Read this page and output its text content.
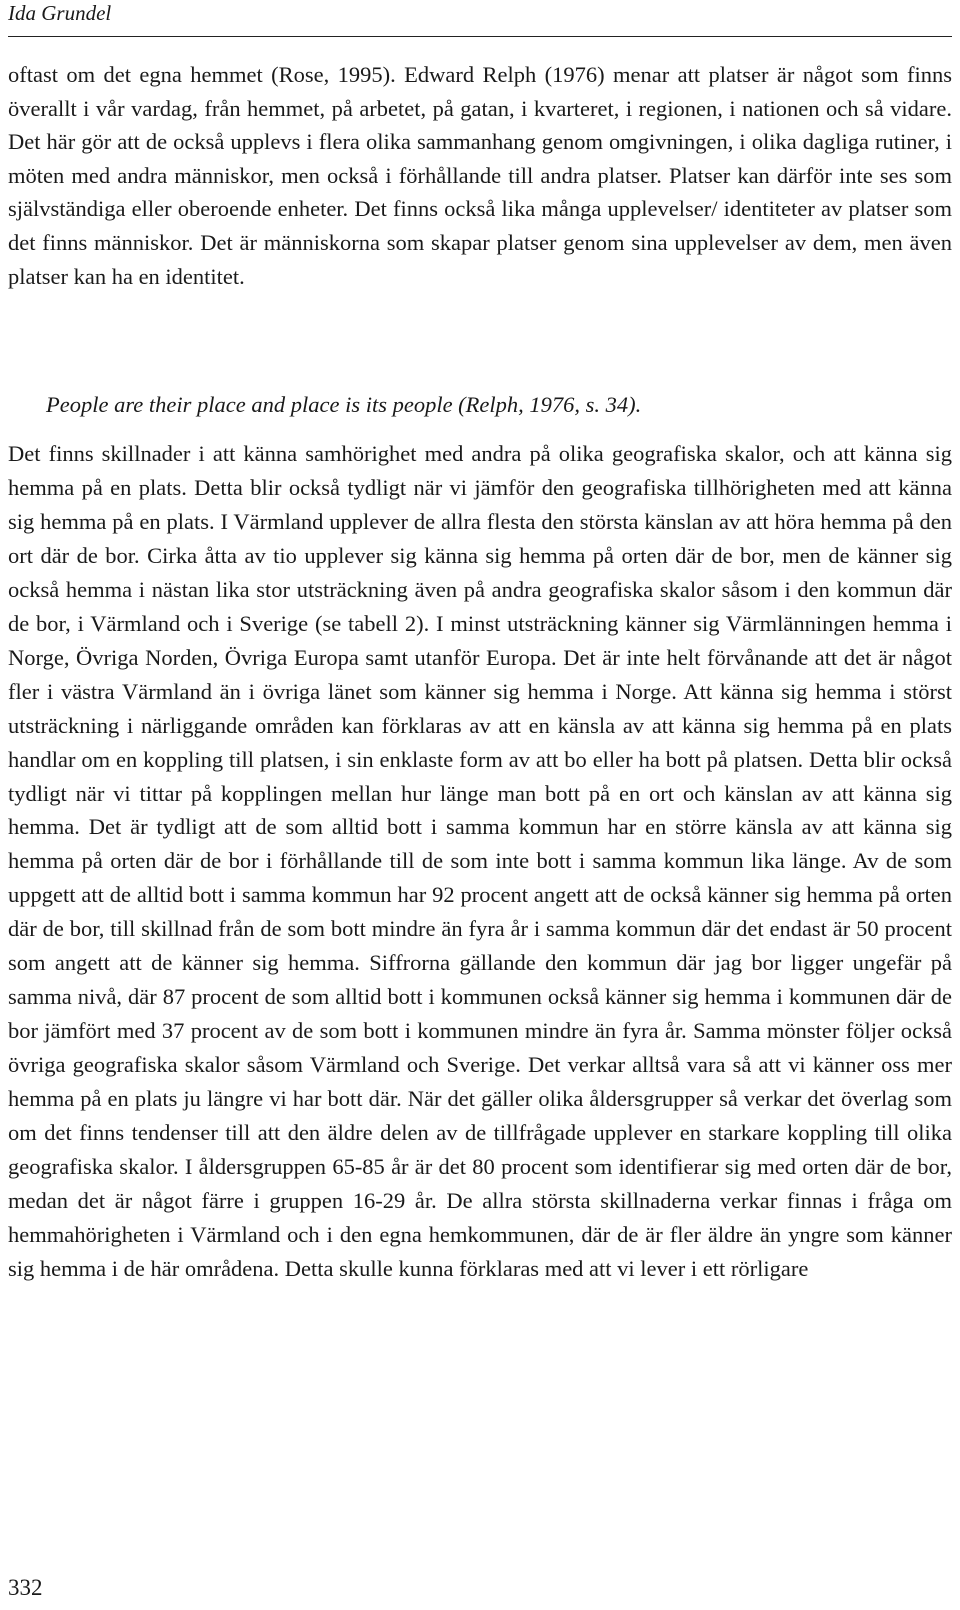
Ida Grundel

oftast om det egna hemmet (Rose, 1995). Edward Relph (1976) menar att platser är något som finns överallt i vår vardag, från hemmet, på arbetet, på gatan, i kvarteret, i regionen, i nationen och så vidare. Det här gör att de också upplevs i flera olika sammanhang genom omgivningen, i olika dagliga rutiner, i möten med andra människor, men också i förhållande till andra platser. Platser kan därför inte ses som självständiga eller oberoende enheter. Det finns också lika många upplevelser/ identiteter av platser som det finns människor. Det är människorna som skapar platser genom sina upplevelser av dem, men även platser kan ha en identitet.

People are their place and place is its people (Relph, 1976, s. 34).

Det finns skillnader i att känna samhörighet med andra på olika geografiska skalor, och att känna sig hemma på en plats. Detta blir också tydligt när vi jämför den geografiska tillhörigheten med att känna sig hemma på en plats. I Värmland upplever de allra flesta den största känslan av att höra hemma på den ort där de bor. Cirka åtta av tio upplever sig känna sig hemma på orten där de bor, men de känner sig också hemma i nästan lika stor utsträckning även på andra geografiska skalor såsom i den kommun där de bor, i Värmland och i Sverige (se tabell 2). I minst utsträckning känner sig Värmlänningen hemma i Norge, Övriga Norden, Övriga Europa samt utanför Europa. Det är inte helt förvånande att det är något fler i västra Värmland än i övriga länet som känner sig hemma i Norge. Att känna sig hemma i störst utsträckning i närliggande områden kan förklaras av att en känsla av att känna sig hemma på en plats handlar om en koppling till platsen, i sin enklaste form av att bo eller ha bott på platsen. Detta blir också tydligt när vi tittar på kopplingen mellan hur länge man bott på en ort och känslan av att känna sig hemma. Det är tydligt att de som alltid bott i samma kommun har en större känsla av att känna sig hemma på orten där de bor i förhållande till de som inte bott i samma kommun lika länge. Av de som uppgett att de alltid bott i samma kommun har 92 procent angett att de också känner sig hemma på orten där de bor, till skillnad från de som bott mindre än fyra år i samma kommun där det endast är 50 procent som angett att de känner sig hemma. Siffrorna gällande den kommun där jag bor ligger ungefär på samma nivå, där 87 procent de som alltid bott i kommunen också känner sig hemma i kommunen där de bor jämfört med 37 procent av de som bott i kommunen mindre än fyra år. Samma mönster följer också övriga geografiska skalor såsom Värmland och Sverige. Det verkar alltså vara så att vi känner oss mer hemma på en plats ju längre vi har bott där. När det gäller olika åldersgrupper så verkar det överlag som om det finns tendenser till att den äldre delen av de tillfrågade upplever en starkare koppling till olika geografiska skalor. I åldersgruppen 65-85 år är det 80 procent som identifierar sig med orten där de bor, medan det är något färre i gruppen 16-29 år. De allra största skillnaderna verkar finnas i fråga om hemmahörigheten i Värmland och i den egna hemkommunen, där de är fler äldre än yngre som känner sig hemma i de här områdena. Detta skulle kunna förklaras med att vi lever i ett rörligare

332
